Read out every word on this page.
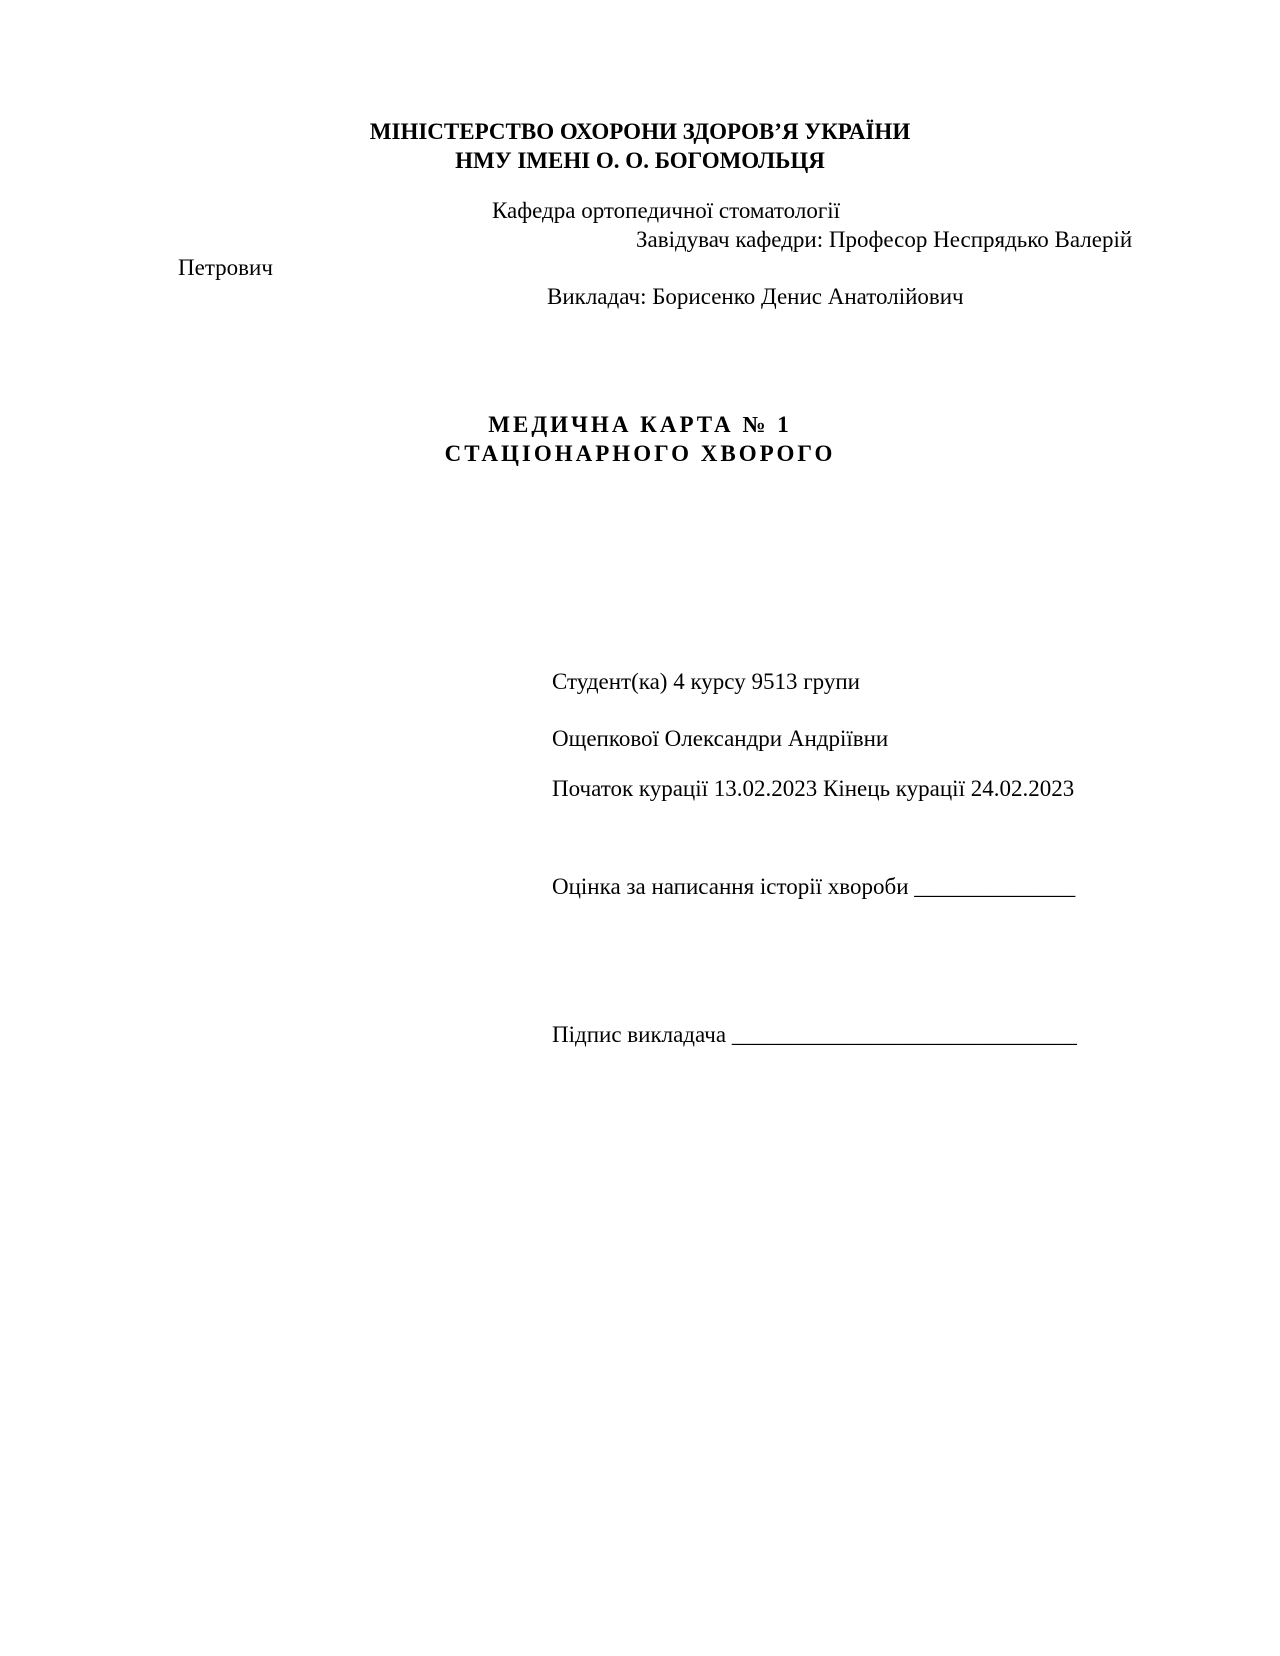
МІНІСТЕРСТВО ОХОРОНИ ЗДОРОВ’Я УКРАЇНИ
НМУ ІМЕНІ О. О. БОГОМОЛЬЦЯ
Кафедра ортопедичної стоматології
Завідувач кафедри: Професор Неспрядько Валерій
Петрович
Викладач: Борисенко Денис Анатолійович
МЕДИЧНА КАРТА № 1
СТАЦІОНАРНОГО ХВОРОГО
Студент(ка) 4 курсу 9513 групи
Ощепкової Олександри Андріївни
Початок курації 13.02.2023 Кінець курації 24.02.2023
Оцінка за написання історії хвороби ______________
Підпис викладача ______________________________
